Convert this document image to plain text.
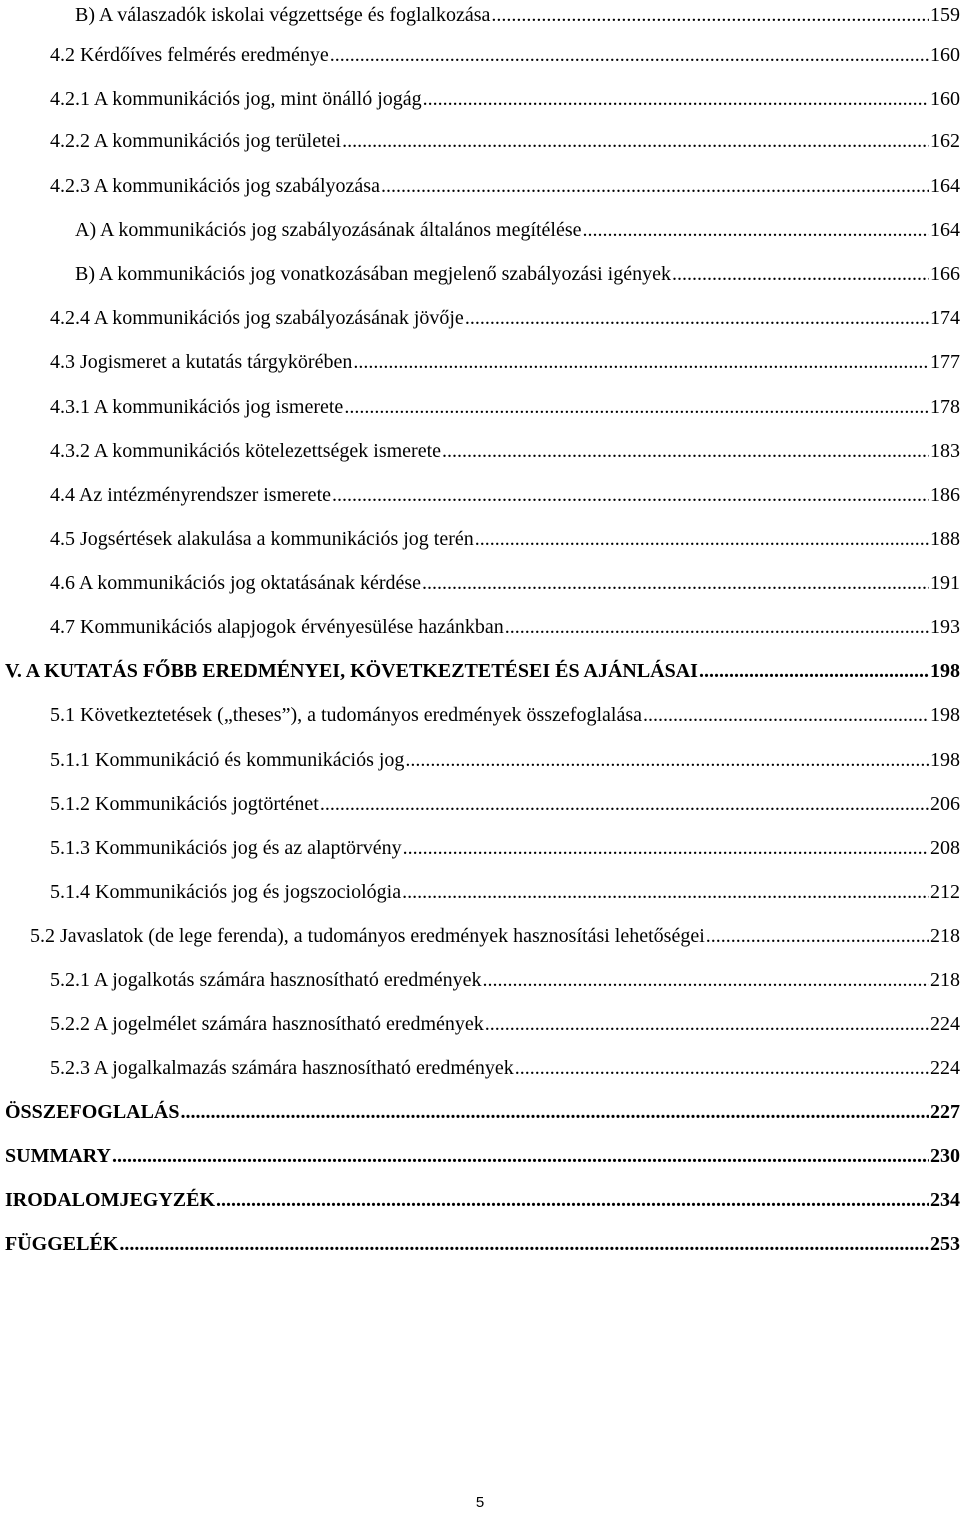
B) A válaszadók iskolai végzettsége és foglalkozása .....	159
4.2 Kérdőíves felmérés eredménye .....	160
4.2.1 A kommunikációs jog, mint önálló jogág .....	160
4.2.2 A kommunikációs jog területei .....	162
4.2.3 A kommunikációs jog szabályozása .....	164
A) A kommunikációs jog szabályozásának általános megítélése .....	164
B) A kommunikációs jog vonatkozásában megjelenő szabályozási igények .....	166
4.2.4 A kommunikációs jog szabályozásának jövője .....	174
4.3 Jogismeret a kutatás tárgykörében .....	177
4.3.1 A kommunikációs jog ismerete .....	178
4.3.2 A kommunikációs kötelezettségek ismerete .....	183
4.4 Az intézményrendszer ismerete .....	186
4.5 Jogsértések alakulása a kommunikációs jog terén .....	188
4.6 A kommunikációs jog oktatásának kérdése .....	191
4.7 Kommunikációs alapjogok érvényesülése hazánkban .....	193
V. A KUTATÁS FŐBB EREDMÉNYEI, KÖVETKEZTETÉSEI ÉS AJÁNLÁSAI .....	198
5.1 Következtetések („theses”), a tudományos eredmények összefoglalása .....	198
5.1.1 Kommunikáció és kommunikációs jog .....	198
5.1.2 Kommunikációs jogtörténet .....	206
5.1.3 Kommunikációs jog és az alaptörvény .....	208
5.1.4 Kommunikációs jog és jogszociológia .....	212
5.2 Javaslatok (de lege ferenda), a tudományos eredmények hasznosítási lehetőségei .....	218
5.2.1 A jogalkotás számára hasznosítható eredmények .....	218
5.2.2 A jogelmélet számára hasznosítható eredmények .....	224
5.2.3 A jogalkalmazás számára hasznosítható eredmények .....	224
ÖSSZEFOGLALÁS .....	227
SUMMARY .....	230
IRODALOMJEGYZÉK .....	234
FÜGGELÉK .....	253
5
